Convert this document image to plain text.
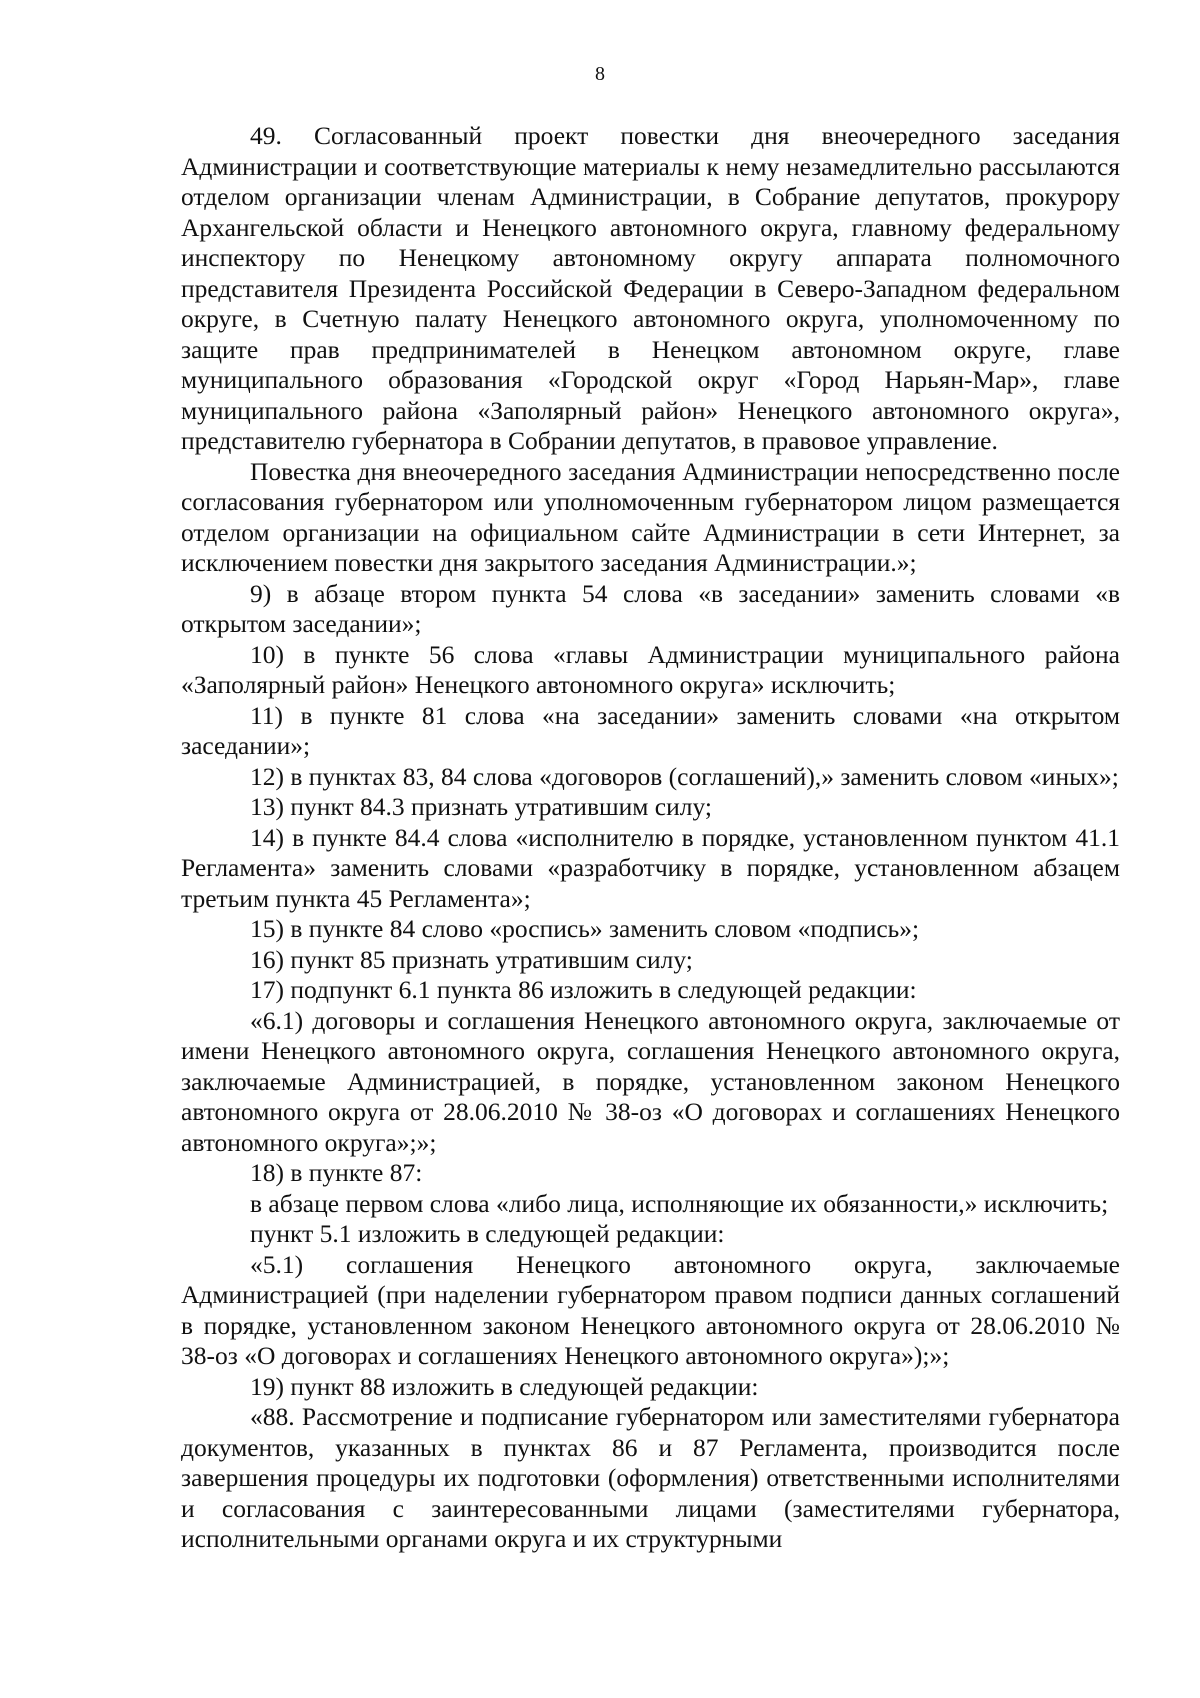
8

49. Согласованный проект повестки дня внеочередного заседания Администрации и соответствующие материалы к нему незамедлительно рассылаются отделом организации членам Администрации, в Собрание депутатов, прокурору Архангельской области и Ненецкого автономного округа, главному федеральному инспектору по Ненецкому автономному округу аппарата полномочного представителя Президента Российской Федерации в Северо-Западном федеральном округе, в Счетную палату Ненецкого автономного округа, уполномоченному по защите прав предпринимателей в Ненецком автономном округе, главе муниципального образования «Городской округ «Город Нарьян-Мар», главе муниципального района «Заполярный район» Ненецкого автономного округа», представителю губернатора в Собрании депутатов, в правовое управление.

Повестка дня внеочередного заседания Администрации непосредственно после согласования губернатором или уполномоченным губернатором лицом размещается отделом организации на официальном сайте Администрации в сети Интернет, за исключением повестки дня закрытого заседания Администрации.»;

9) в абзаце втором пункта 54 слова «в заседании» заменить словами «в открытом заседании»;

10) в пункте 56 слова «главы Администрации муниципального района «Заполярный район» Ненецкого автономного округа» исключить;

11) в пункте 81 слова «на заседании» заменить словами «на открытом заседании»;

12) в пунктах 83, 84 слова «договоров (соглашений),» заменить словом «иных»;

13) пункт 84.3 признать утратившим силу;

14) в пункте 84.4 слова «исполнителю в порядке, установленном пунктом 41.1 Регламента» заменить словами «разработчику в порядке, установленном абзацем третьим пункта 45 Регламента»;

15) в пункте 84 слово «роспись» заменить словом «подпись»;

16) пункт 85 признать утратившим силу;

17) подпункт 6.1 пункта 86 изложить в следующей редакции:

«6.1) договоры и соглашения Ненецкого автономного округа, заключаемые от имени Ненецкого автономного округа, соглашения Ненецкого автономного округа, заключаемые Администрацией, в порядке, установленном законом Ненецкого автономного округа от 28.06.2010 № 38-оз «О договорах и соглашениях Ненецкого автономного округа»;»;

18) в пункте 87:

в абзаце первом слова «либо лица, исполняющие их обязанности,» исключить;

пункт 5.1 изложить в следующей редакции:

«5.1) соглашения Ненецкого автономного округа, заключаемые Администрацией (при наделении губернатором правом подписи данных соглашений в порядке, установленном законом Ненецкого автономного округа от 28.06.2010 № 38-оз «О договорах и соглашениях Ненецкого автономного округа»);»;

19) пункт 88 изложить в следующей редакции:

«88. Рассмотрение и подписание губернатором или заместителями губернатора документов, указанных в пунктах 86 и 87 Регламента, производится после завершения процедуры их подготовки (оформления) ответственными исполнителями и согласования с заинтересованными лицами (заместителями губернатора, исполнительными органами округа и их структурными
